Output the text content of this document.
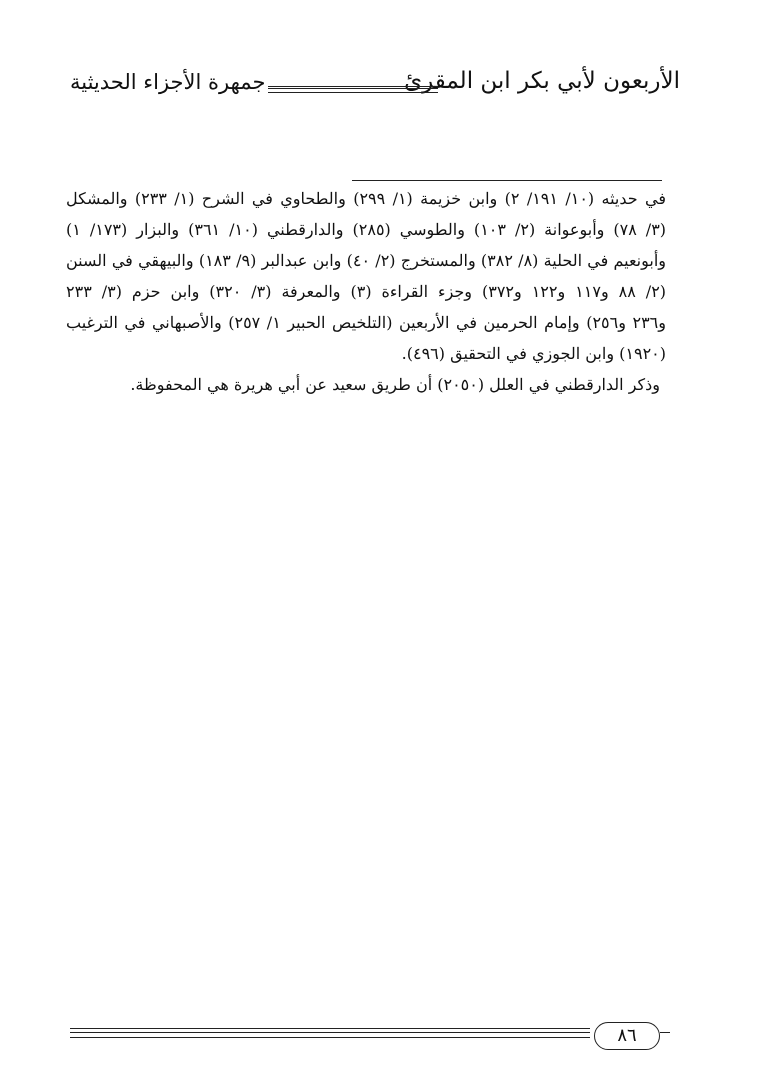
الأربعون لأبي بكر ابن المقرئ
جمهرة الأجزاء الحديثية
في حديثه (١٠/ ١٩١/ ٢) وابن خزيمة (١/ ٢٩٩) والطحاوي في الشرح (١/ ٢٣٣) والمشكل
(٣/ ٧٨) وأبوعوانة (٢/ ١٠٣) والطوسي (٢٨٥) والدارقطني (١٠/ ٣٦١) والبزار (١٧٣/ ١)
وأبونعيم في الحلية (٨/ ٣٨٢) والمستخرج (٢/ ٤٠) وابن عبدالبر (٩/ ١٨٣) والبيهقي في السنن
(٢/ ٨٨ و١١٧ و١٢٢ و٣٧٢) وجزء القراءة (٣) والمعرفة (٣/ ٣٢٠) وابن حزم (٣/ ٢٣٣
و٢٣٦ و٢٥٦) وإمام الحرمين في الأربعين (التلخيص الحبير ١/ ٢٥٧) والأصبهاني في الترغيب
(١٩٢٠) وابن الجوزي في التحقيق (٤٩٦).
وذكر الدارقطني في العلل (٢٠٥٠) أن طريق سعيد عن أبي هريرة هي المحفوظة.
٨٦
